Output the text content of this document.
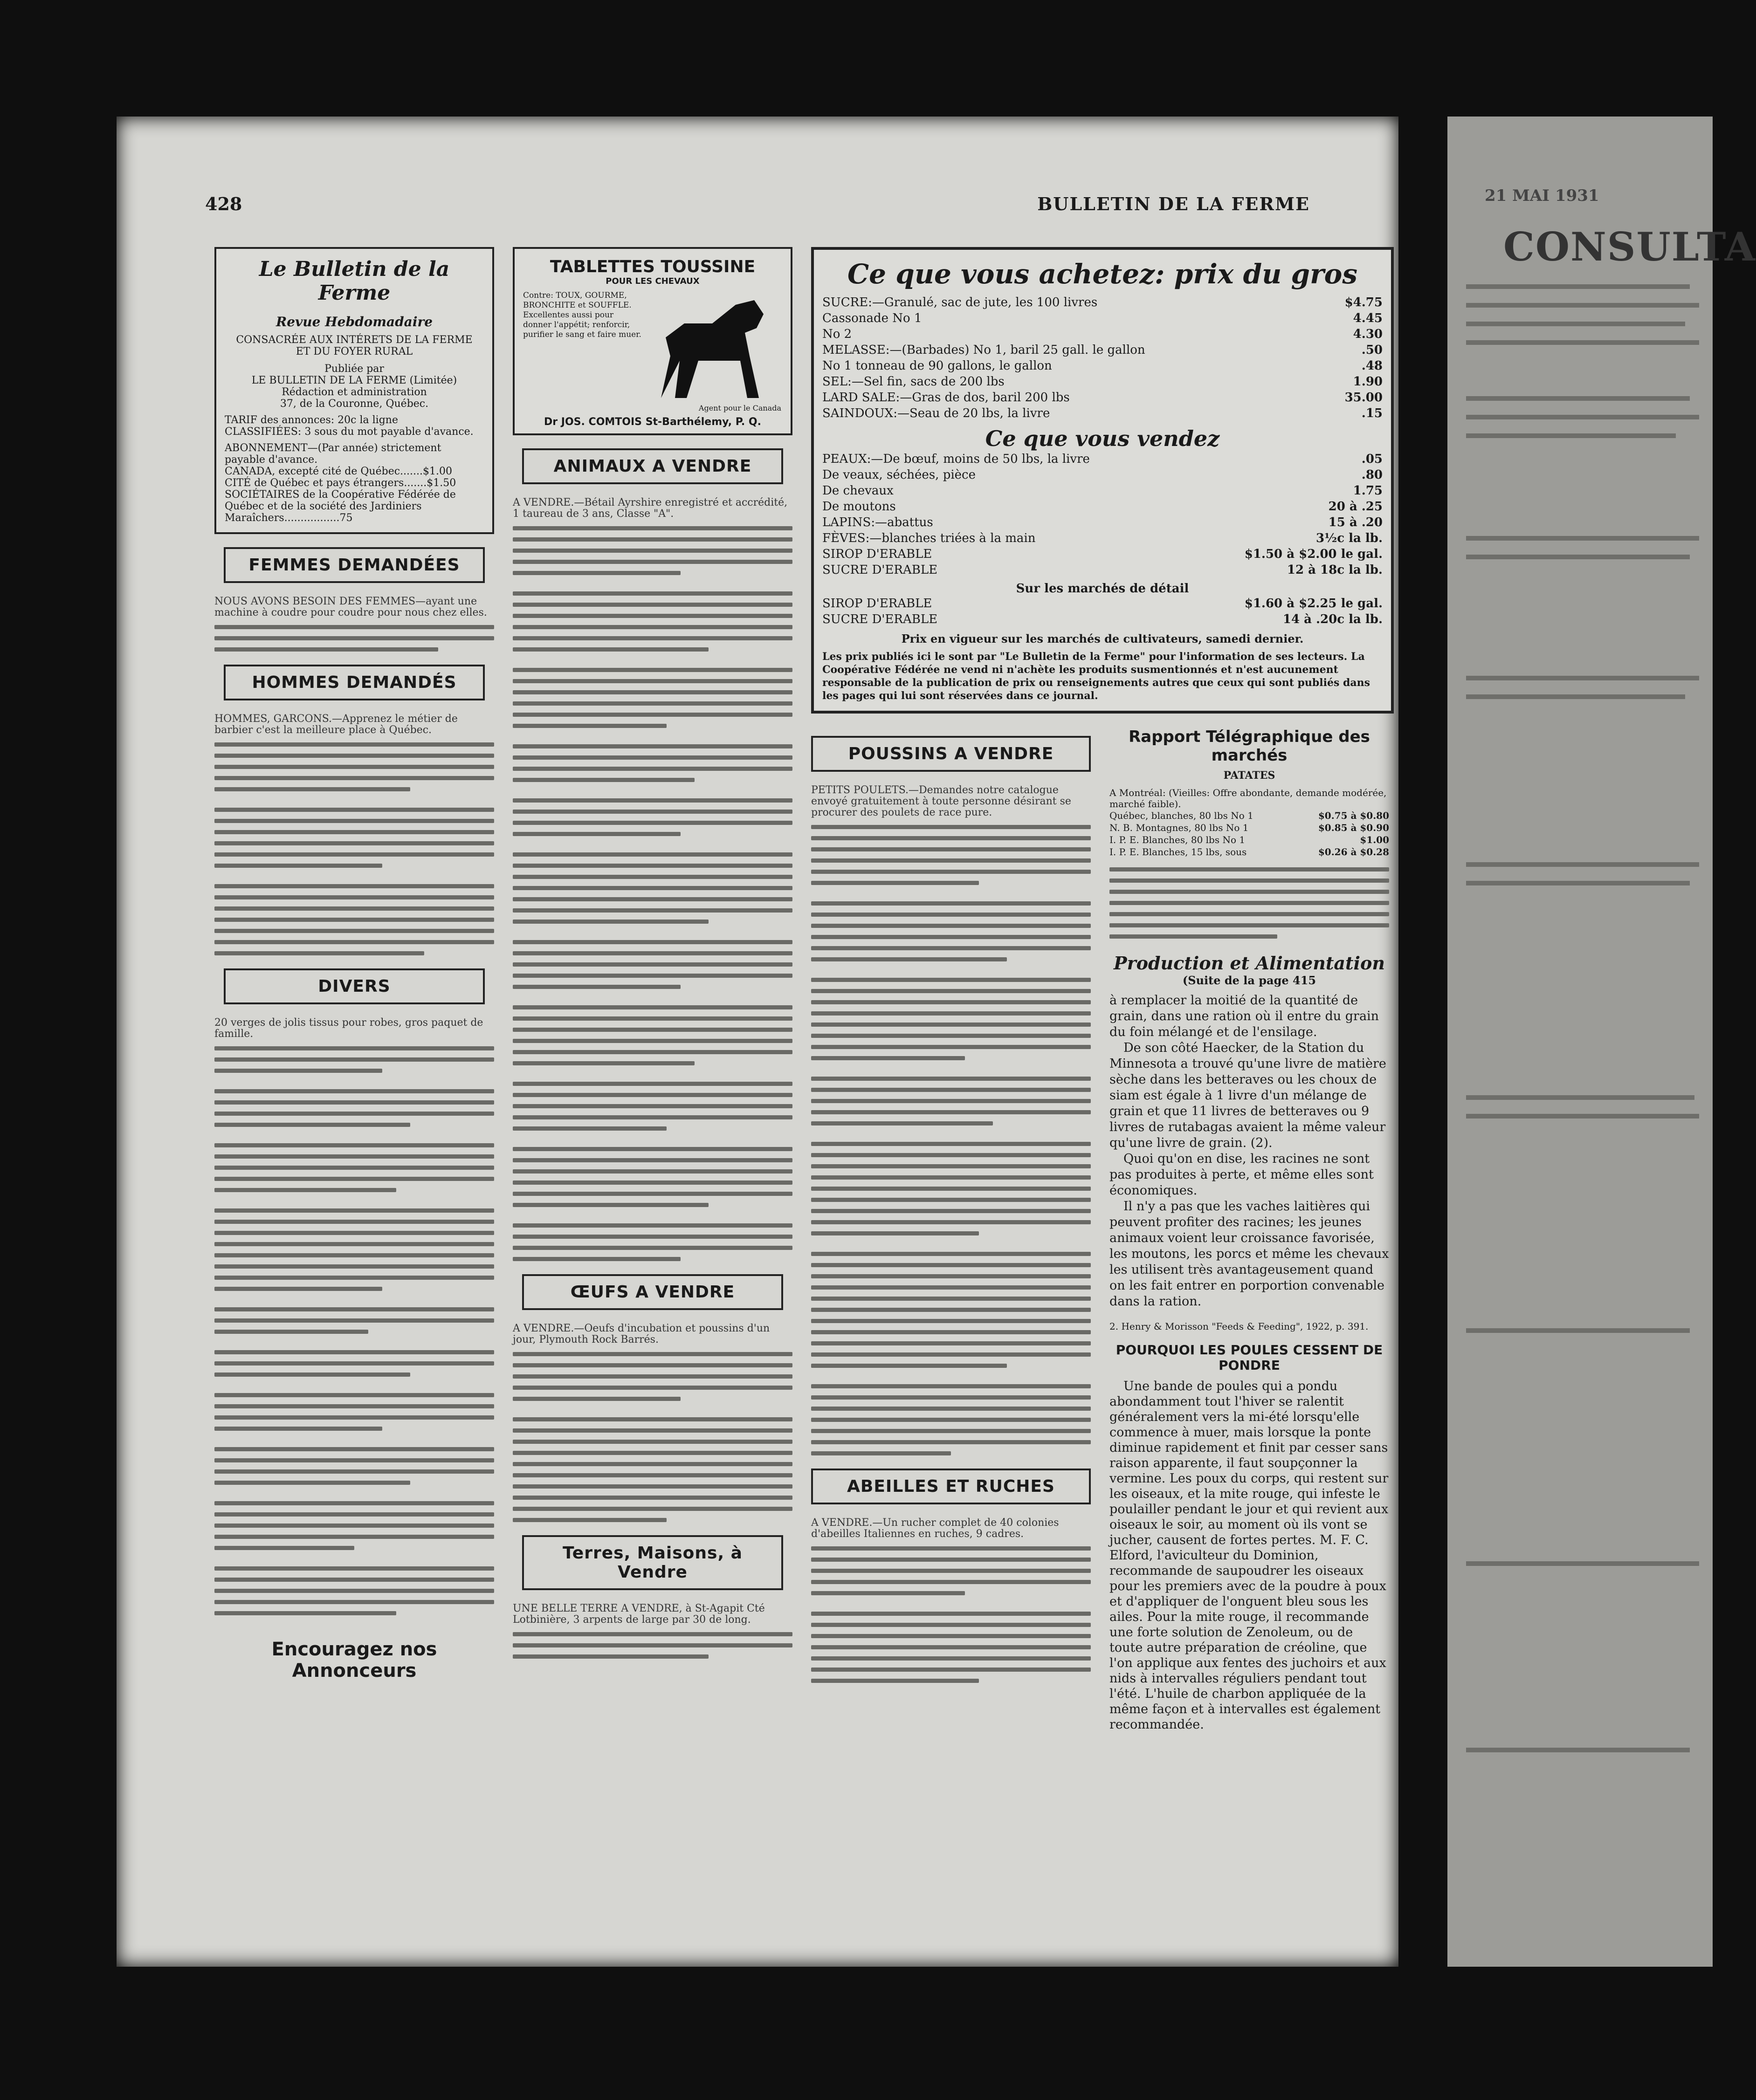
21 MAI 1931
CONSULTA
428	BULLETIN DE LA FERME
Le Bulletin de la Ferme
Revue Hebdomadaire
CONSACRÉE AUX INTÉRETS DE LA FERME
ET DU FOYER RURAL
Publiée par
LE BULLETIN DE LA FERME (Limitée)
Rédaction et administration
37, de la Couronne, Québec.
TARIF des annonces: 20c la ligne
CLASSIFIÉES: 3 sous du mot payable d'avance.
ABONNEMENT—(Par année) strictement payable d'avance.
CANADA, excepté cité de Québec.......$1.00
CITÉ de Québec et pays étrangers.......$1.50
SOCIÉTAIRES de la Coopérative Fédérée de Québec et de la société des Jardiniers Maraîchers.................75
FEMMES DEMANDÉES
NOUS AVONS BESOIN DES FEMMES—ayant une machine à coudre pour coudre pour nous chez elles.
HOMMES DEMANDÉS
HOMMES, GARCONS.—Apprenez le métier de barbier c'est la meilleure place à Québec.
DIVERS
20 verges de jolis tissus pour robes, gros paquet de famille.
Encouragez nos Annonceurs
TABLETTES TOUSSINE
POUR LES CHEVAUX
Contre: TOUX, GOURME, BRONCHITE et SOUFFLE. Excellentes aussi pour donner l'appétit; renforcir, purifier le sang et faire muer.
Agent pour le Canada
Dr JOS. COMTOIS St-Barthélemy, P. Q.
ANIMAUX A VENDRE
A VENDRE.—Bétail Ayrshire enregistré et accrédité, 1 taureau de 3 ans, Classe "A".
ŒUFS A VENDRE
A VENDRE.—Oeufs d'incubation et poussins d'un jour, Plymouth Rock Barrés.
Terres, Maisons, à Vendre
UNE BELLE TERRE A VENDRE, à St-Agapit Cté Lotbinière, 3 arpents de large par 30 de long.
Ce que vous achetez: prix du gros
SUCRE:—Granulé, sac de jute, les 100 livres	$4.75
Cassonade No 1	4.45
No 2	4.30
MELASSE:—(Barbades) No 1, baril 25 gall. le gallon	.50
No 1 tonneau de 90 gallons, le gallon	.48
SEL:—Sel fin, sacs de 200 lbs	1.90
LARD SALE:—Gras de dos, baril 200 lbs	35.00
SAINDOUX:—Seau de 20 lbs, la livre	.15
Ce que vous vendez
PEAUX:—De bœuf, moins de 50 lbs, la livre	.05
De veaux, séchées, pièce	.80
De chevaux	1.75
De moutons	20 à .25
LAPINS:—abattus	15 à .20
FÈVES:—blanches triées à la main	3½c la lb.
SIROP D'ERABLE	$1.50 à $2.00 le gal.
SUCRE D'ERABLE	12 à 18c la lb.
Sur les marchés de détail
SIROP D'ERABLE	$1.60 à $2.25 le gal.
SUCRE D'ERABLE	14 à .20c la lb.
Prix en vigueur sur les marchés de cultivateurs, samedi dernier.
Les prix publiés ici le sont par "Le Bulletin de la Ferme" pour l'information de ses lecteurs. La Coopérative Fédérée ne vend ni n'achète les produits susmentionnés et n'est aucunement responsable de la publication de prix ou renseignements autres que ceux qui sont publiés dans les pages qui lui sont réservées dans ce journal.
POUSSINS A VENDRE
PETITS POULETS.—Demandes notre catalogue envoyé gratuitement à toute personne désirant se procurer des poulets de race pure.
ABEILLES ET RUCHES
A VENDRE.—Un rucher complet de 40 colonies d'abeilles Italiennes en ruches, 9 cadres.
Rapport Télégraphique des marchés
PATATES
A Montréal: (Vieilles: Offre abondante, demande modérée, marché faible).
Québec, blanches, 80 lbs No 1	$0.75 à $0.80
N. B. Montagnes, 80 lbs No 1	$0.85 à $0.90
I. P. E. Blanches, 80 lbs No 1	$1.00
I. P. E. Blanches, 15 lbs, sous	$0.26 à $0.28
Production et Alimentation
(Suite de la page 415
à remplacer la moitié de la quantité de grain, dans une ration où il entre du grain du foin mélangé et de l'ensilage.
De son côté Haecker, de la Station du Minnesota a trouvé qu'une livre de matière sèche dans les betteraves ou les choux de siam est égale à 1 livre d'un mélange de grain et que 11 livres de betteraves ou 9 livres de rutabagas avaient la même valeur qu'une livre de grain. (2).
Quoi qu'on en dise, les racines ne sont pas produites à perte, et même elles sont économiques.
Il n'y a pas que les vaches laitières qui peuvent profiter des racines; les jeunes animaux voient leur croissance favorisée, les moutons, les porcs et même les chevaux les utilisent très avantageusement quand on les fait entrer en porportion convenable dans la ration.
2. Henry & Morisson "Feeds & Feeding", 1922, p. 391.
POURQUOI LES POULES CESSENT DE PONDRE
Une bande de poules qui a pondu abondamment tout l'hiver se ralentit généralement vers la mi-été lorsqu'elle commence à muer, mais lorsque la ponte diminue rapidement et finit par cesser sans raison apparente, il faut soupçonner la vermine. Les poux du corps, qui restent sur les oiseaux, et la mite rouge, qui infeste le poulailler pendant le jour et qui revient aux oiseaux le soir, au moment où ils vont se jucher, causent de fortes pertes. M. F. C. Elford, l'aviculteur du Dominion, recommande de saupoudrer les oiseaux pour les premiers avec de la poudre à poux et d'appliquer de l'onguent bleu sous les ailes. Pour la mite rouge, il recommande une forte solution de Zenoleum, ou de toute autre préparation de créoline, que l'on applique aux fentes des juchoirs et aux nids à intervalles réguliers pendant tout l'été. L'huile de charbon appliquée de la même façon et à intervalles est également recommandée.
